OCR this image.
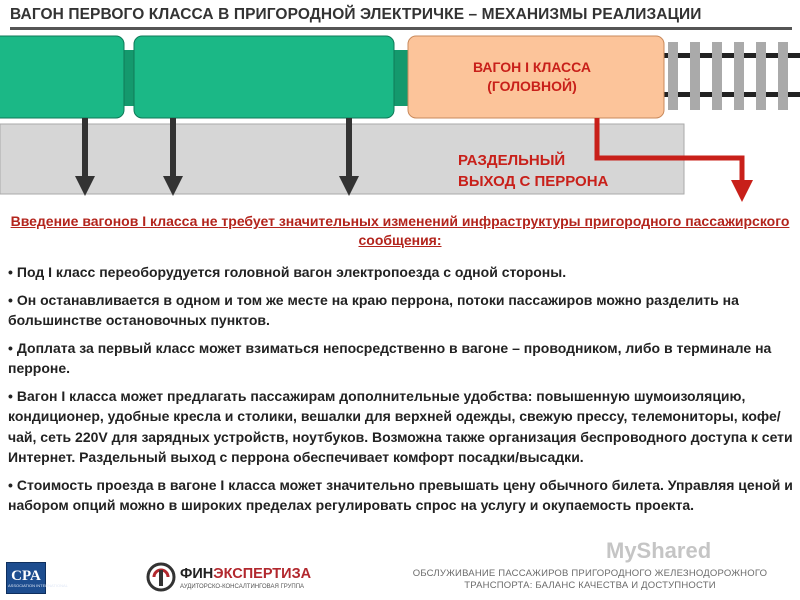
ВАГОН ПЕРВОГО КЛАССА В ПРИГОРОДНОЙ ЭЛЕКТРИЧКЕ – МЕХАНИЗМЫ РЕАЛИЗАЦИИ
ВАГОН I КЛАССА
(ГОЛОВНОЙ)
РАЗДЕЛЬНЫЙ
ВЫХОД С ПЕРРОНА
Введение вагонов I класса не требует значительных изменений инфраструктуры пригородного пассажирского сообщения:
• Под I класс переоборудуется головной вагон электропоезда с одной стороны.
• Он останавливается в одном и том же месте на краю перрона, потоки пассажиров можно разделить на большинстве остановочных пунктов.
• Доплата за первый класс может взиматься непосредственно в вагоне – проводником, либо в терминале на перроне.
• Вагон I класса может предлагать пассажирам дополнительные удобства: повышенную шумоизоляцию, кондиционер, удобные кресла и столики, вешалки для верхней одежды, свежую прессу, телемониторы, кофе/чай, сеть 220V для зарядных устройств, ноутбуков. Возможна также организация беспроводного доступа к сети Интернет. Раздельный выход с перрона обеспечивает комфорт посадки/высадки.
• Стоимость проезда в вагоне I класса может значительно превышать цену обычного билета. Управляя ценой и набором опций можно в широких пределах регулировать спрос на услугу и окупаемость проекта.
CPA
ASSOCIATION INTERNATIONAL
ФИНЭКСПЕРТИЗА
АУДИТОРСКО-КОНСАЛТИНГОВАЯ ГРУППА
MyShared
ОБСЛУЖИВАНИЕ ПАССАЖИРОВ ПРИГОРОДНОГО ЖЕЛЕЗНОДОРОЖНОГО
ТРАНСПОРТА: БАЛАНС КАЧЕСТВА И ДОСТУПНОСТИ
